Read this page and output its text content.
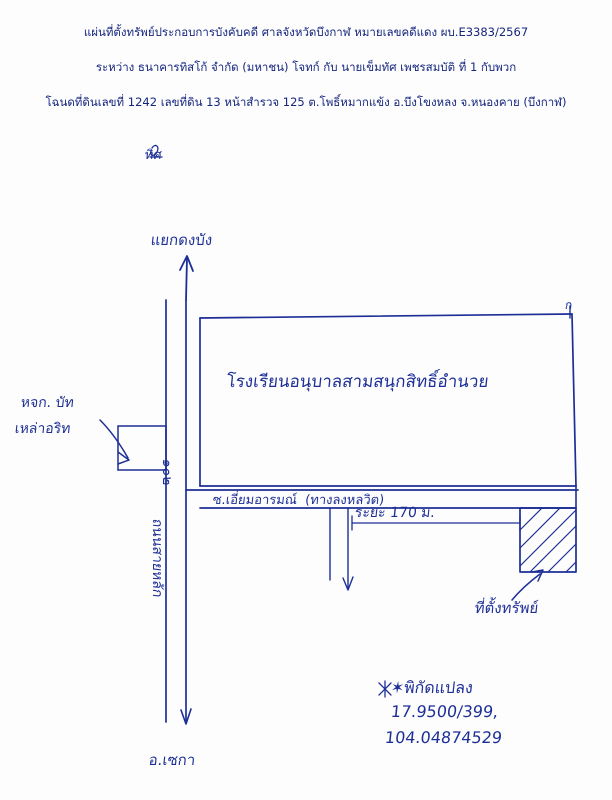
แผ่นที่ตั้งทรัพย์ประกอบการบังคับคดี ศาลจังหวัดบึงกาฬ หมายเลขคดีแดง ผบ.E3383/2567
ระหว่าง ธนาคารทิสโก้ จำกัด (มหาชน) โจทก์ กับ นายเข็มทัศ เพชรสมบัติ ที่ 1 กับพวก
โฉนดที่ดินเลขที่ 1242 เลขที่ดิน 13 หน้าสำรวจ 125 ต.โพธิ์หมากแข้ง อ.บึงโขงหลง จ.หนองคาย (บึงกาฬ)
แยกดงบัง
หจก. บัท
เหล่าอริท
โรงเรียนอนุบาลสามสนุกสิทธิ์อำนวย
ซ.เอี่ยมอารมณ์  (ทางลงหลวิต)
ระยะ 170 ม.
๑๐๒
ถนนสายหลัก
ที่ตั้งทรัพย์
อ.เซกา
✶พิกัดแปลง
17.9500/399,
104.04874529
ก
ทิศ
